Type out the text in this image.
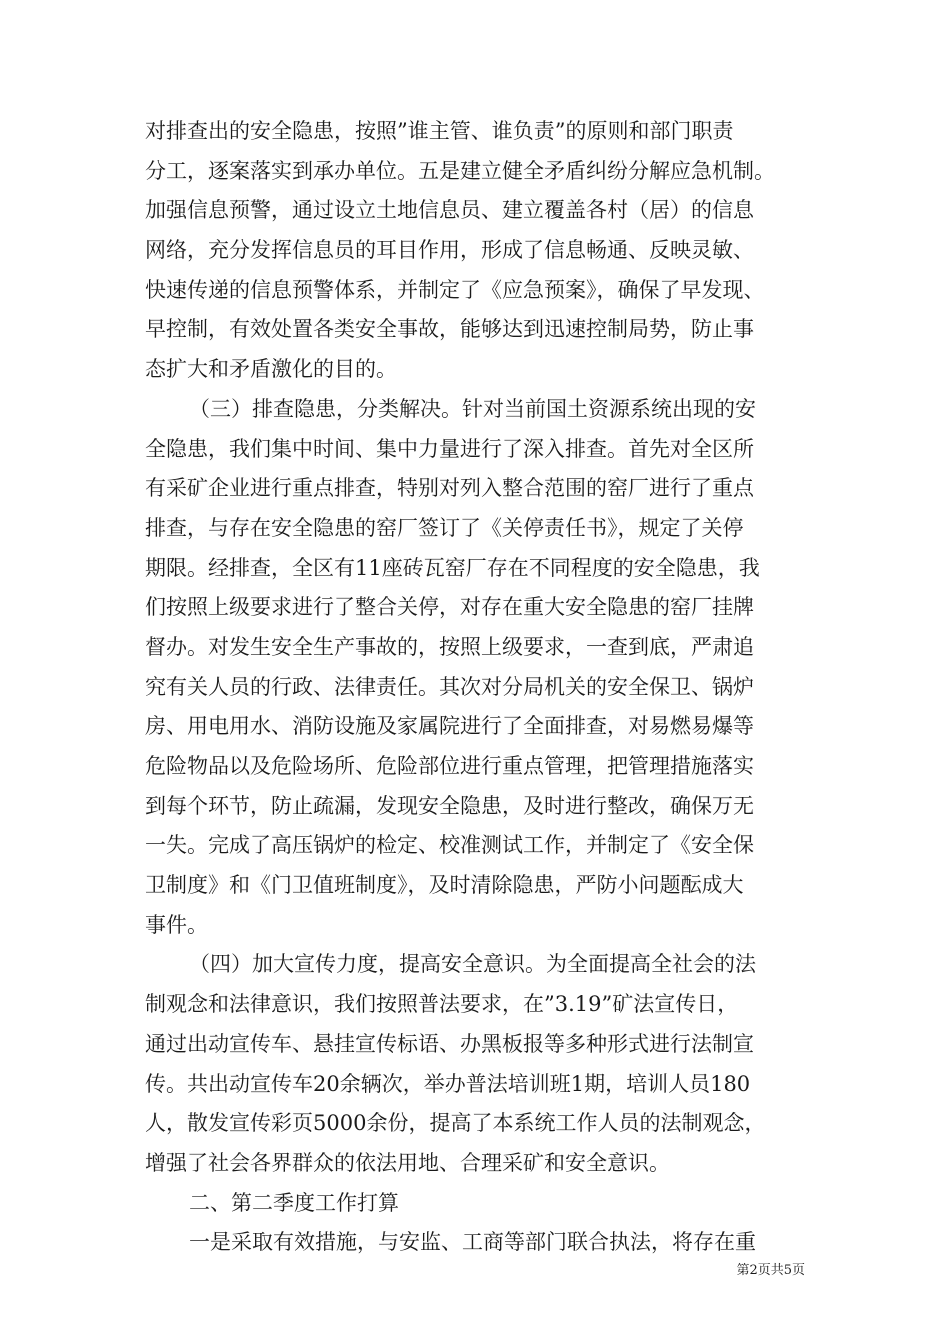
对排查出的安全隐患，按照”谁主管、谁负责”的原则和部门职责
分工，逐案落实到承办单位。五是建立健全矛盾纠纷分解应急机制。
加强信息预警，通过设立土地信息员、建立覆盖各村（居）的信息
网络，充分发挥信息员的耳目作用，形成了信息畅通、反映灵敏、
快速传递的信息预警体系，并制定了《应急预案》，确保了早发现、
早控制，有效处置各类安全事故，能够达到迅速控制局势，防止事
态扩大和矛盾激化的目的。
（三）排查隐患，分类解决。针对当前国土资源系统出现的安
全隐患，我们集中时间、集中力量进行了深入排查。首先对全区所
有采矿企业进行重点排查，特别对列入整合范围的窑厂进行了重点
排查，与存在安全隐患的窑厂签订了《关停责任书》，规定了关停
期限。经排查，全区有11座砖瓦窑厂存在不同程度的安全隐患，我
们按照上级要求进行了整合关停，对存在重大安全隐患的窑厂挂牌
督办。对发生安全生产事故的，按照上级要求，一查到底，严肃追
究有关人员的行政、法律责任。其次对分局机关的安全保卫、锅炉
房、用电用水、消防设施及家属院进行了全面排查，对易燃易爆等
危险物品以及危险场所、危险部位进行重点管理，把管理措施落实
到每个环节，防止疏漏，发现安全隐患，及时进行整改，确保万无
一失。完成了高压锅炉的检定、校准测试工作，并制定了《安全保
卫制度》和《门卫值班制度》，及时清除隐患，严防小问题酝成大
事件。
（四）加大宣传力度，提高安全意识。为全面提高全社会的法
制观念和法律意识，我们按照普法要求，在”3.19”矿法宣传日，
通过出动宣传车、悬挂宣传标语、办黑板报等多种形式进行法制宣
传。共出动宣传车20余辆次，举办普法培训班1期，培训人员180
人，散发宣传彩页5000余份，提高了本系统工作人员的法制观念，
增强了社会各界群众的依法用地、合理采矿和安全意识。
二、第二季度工作打算
一是采取有效措施，与安监、工商等部门联合执法，将存在重
第2页共5页
